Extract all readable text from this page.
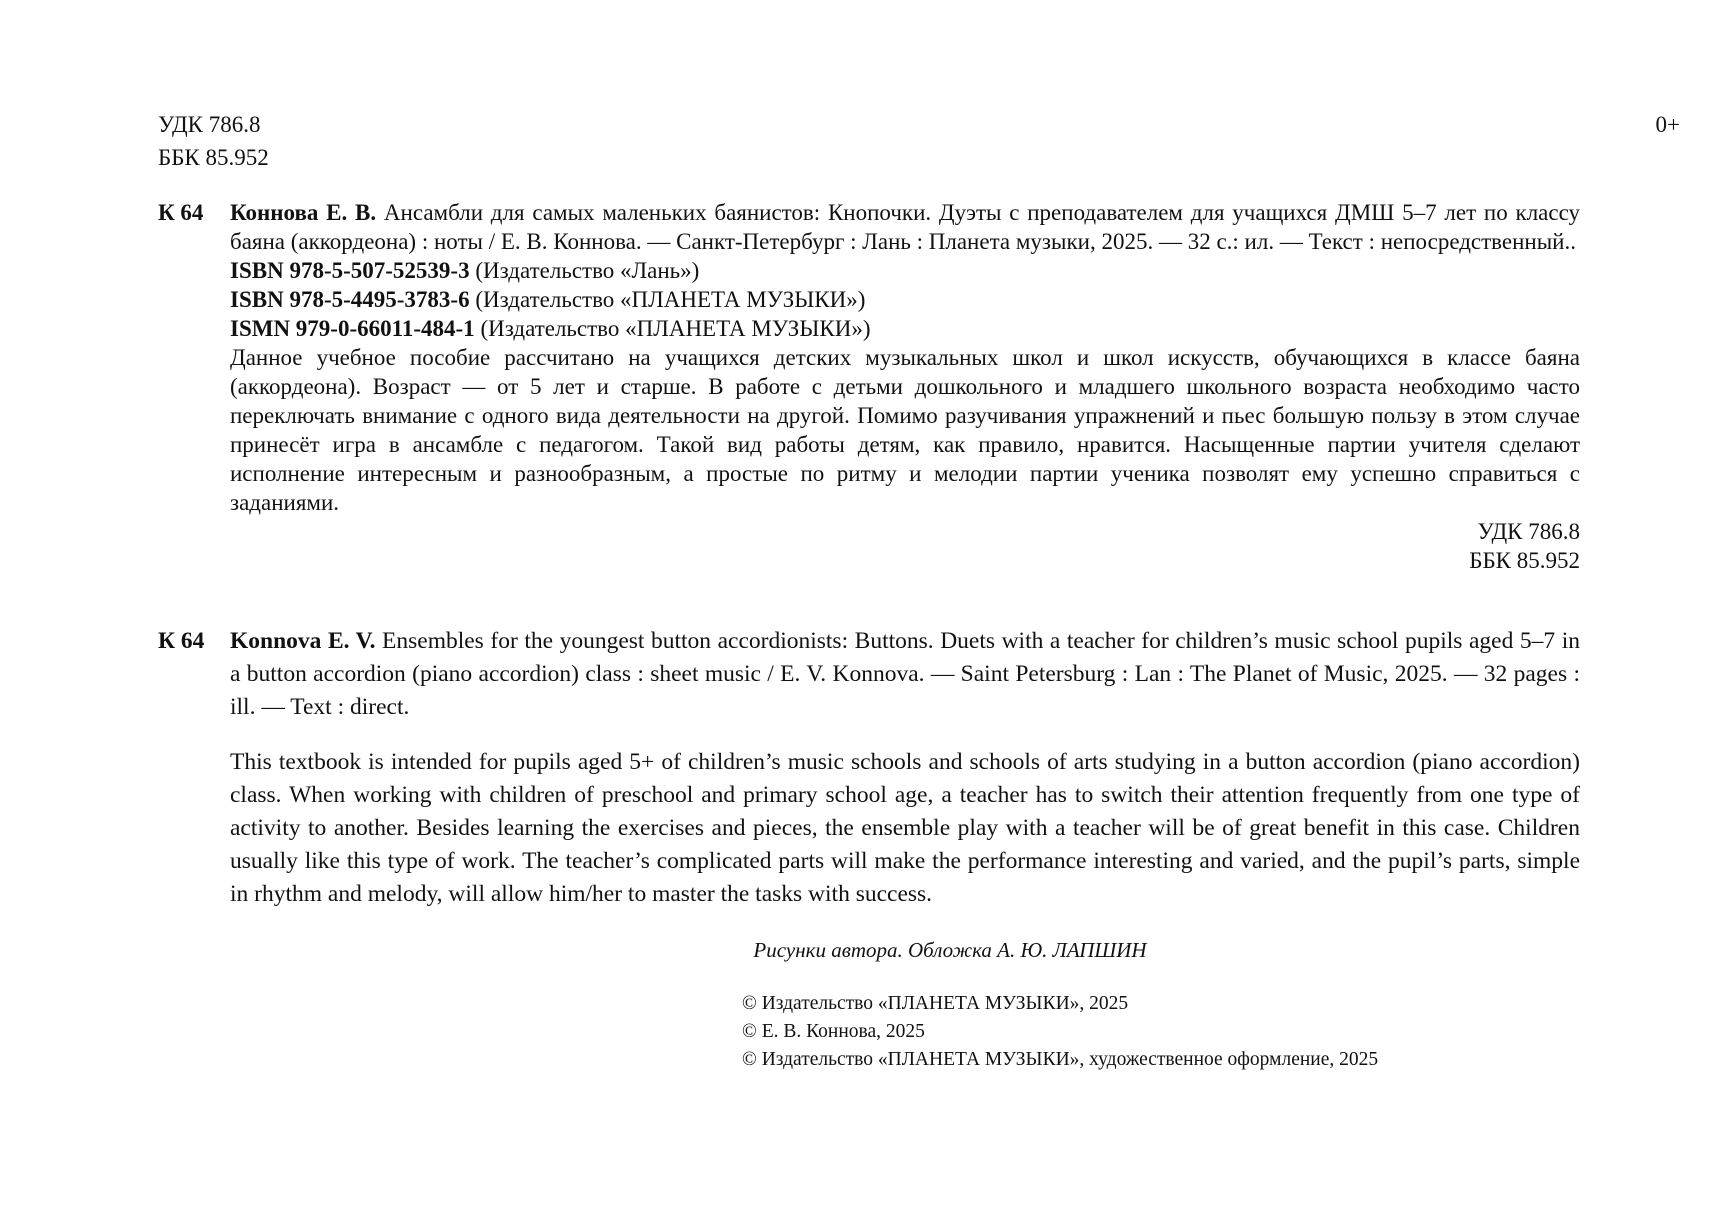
УДК 786.8
ББК 85.952
0+
К 64 Коннова Е. В. Ансамбли для самых маленьких баянистов: Кнопочки. Дуэты с преподавателем для учащихся ДМШ 5–7 лет по классу баяна (аккордеона) : ноты / Е. В. Коннова. — Санкт-Петербург : Лань : Планета музыки, 2025. — 32 с.: ил. — Текст : непосредственный..
ISBN 978-5-507-52539-3 (Издательство «Лань»)
ISBN 978-5-4495-3783-6 (Издательство «ПЛАНЕТА МУЗЫКИ»)
ISMN 979-0-66011-484-1 (Издательство «ПЛАНЕТА МУЗЫКИ»)
Данное учебное пособие рассчитано на учащихся детских музыкальных школ и школ искусств, обучающихся в классе баяна (аккордеона). Возраст — от 5 лет и старше. В работе с детьми дошкольного и младшего школьного возраста необходимо часто переключать внимание с одного вида деятельности на другой. Помимо разучивания упражнений и пьес большую пользу в этом случае принесёт игра в ансамбле с педагогом. Такой вид работы детям, как правило, нравится. Насыщенные партии учителя сделают исполнение интересным и разнообразным, а простые по ритму и мелодии партии ученика позволят ему успешно справиться с заданиями.
УДК 786.8
ББК 85.952
К 64 Konnova E. V. Ensembles for the youngest button accordionists: Buttons. Duets with a teacher for children’s music school pupils aged 5–7 in a button accordion (piano accordion) class : sheet music / E. V. Konnova. — Saint Petersburg : Lan : The Planet of Music, 2025. — 32 pages : ill. — Text : direct.
This textbook is intended for pupils aged 5+ of children’s music schools and schools of arts studying in a button accordion (piano accordion) class. When working with children of preschool and primary school age, a teacher has to switch their attention frequently from one type of activity to another. Besides learning the exercises and pieces, the ensemble play with a teacher will be of great benefit in this case. Children usually like this type of work. The teacher’s complicated parts will make the performance interesting and varied, and the pupil’s parts, simple in rhythm and melody, will allow him/her to master the tasks with success.
Рисунки автора. Обложка А. Ю. ЛАПШИН
© Издательство «ПЛАНЕТА МУЗЫКИ», 2025
© Е. В. Коннова, 2025
© Издательство «ПЛАНЕТА МУЗЫКИ», художественное оформление, 2025
